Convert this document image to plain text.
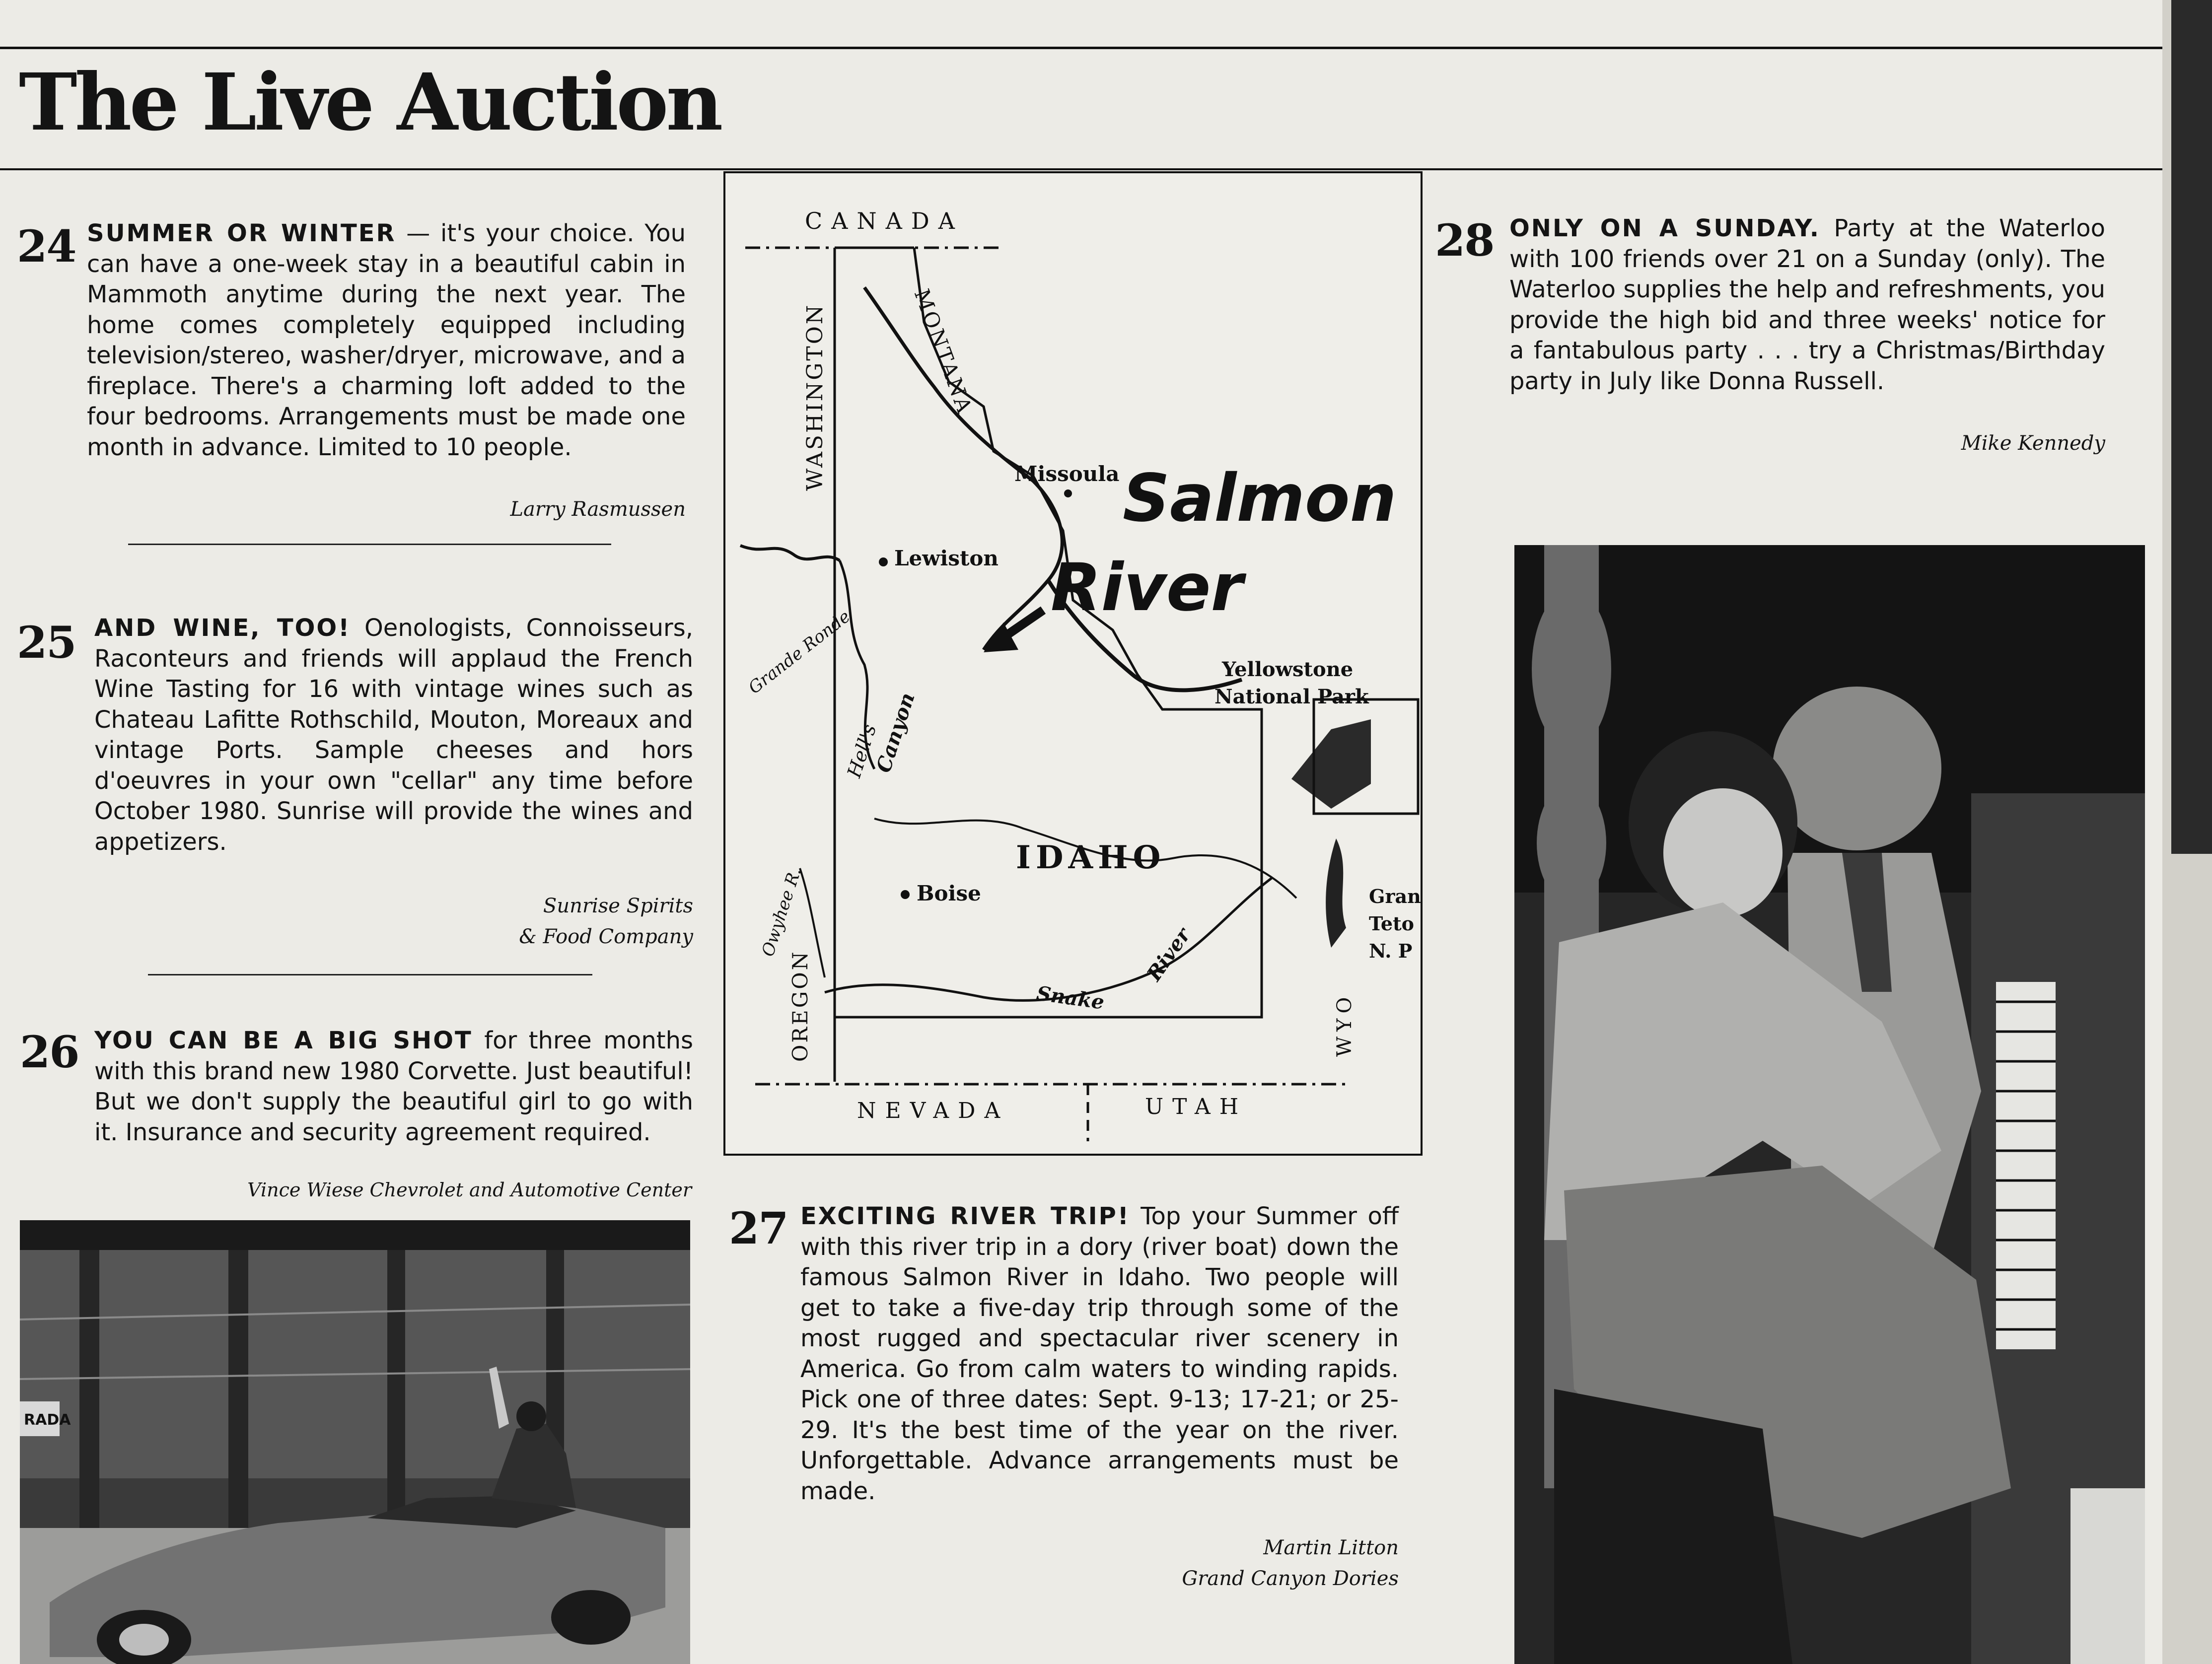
The Live Auction
24 SUMMER OR WINTER — it's your choice. You can have a one-week stay in a beautiful cabin in Mammoth anytime during the next year. The home comes completely equipped including television/stereo, washer/dryer, microwave, and a fireplace. There's a charming loft added to the four bedrooms. Arrangements must be made one month in advance. Limited to 10 people.

Larry Rasmussen

25 AND WINE, TOO! Oenologists, Connoisseurs, Raconteurs and friends will applaud the French Wine Tasting for 16 with vintage wines such as Chateau Lafitte Rothschild, Mouton, Moreaux and vintage Ports. Sample cheeses and hors d'oeuvres in your own "cellar" any time before October 1980. Sunrise will provide the wines and appetizers.

Sunrise Spirits
& Food Company

26 YOU CAN BE A BIG SHOT for three months with this brand new 1980 Corvette. Just beautiful! But we don't supply the beautiful girl to go with it. Insurance and security agreement required.

Vince Wiese Chevrolet and Automotive Center

RADA
CANADA
WASHINGTON	MONTANA
Missoula
Lewiston
Yellowstone
National Park
Grande Ronde
Hell's
Canyon
IDAHO
Boise
Owyhee R.
OREGON	Snake
River
WYO
Gran
Teto
N. P
NEVADA	UTAH
Salmon
River
27 EXCITING RIVER TRIP! Top your Summer off with this river trip in a dory (river boat) down the famous Salmon River in Idaho. Two people will get to take a five-day trip through some of the most rugged and spectacular river scenery in America. Go from calm waters to winding rapids. Pick one of three dates: Sept. 9-13; 17-21; or 25-29. It's the best time of the year on the river. Unforgettable. Advance arrangements must be made.

Martin Litton
Grand Canyon Dories

28 ONLY ON A SUNDAY. Party at the Waterloo with 100 friends over 21 on a Sunday (only). The Waterloo supplies the help and refreshments, you provide the high bid and three weeks' notice for a fantabulous party . . . try a Christmas/Birthday party in July like Donna Russell.

Mike Kennedy
